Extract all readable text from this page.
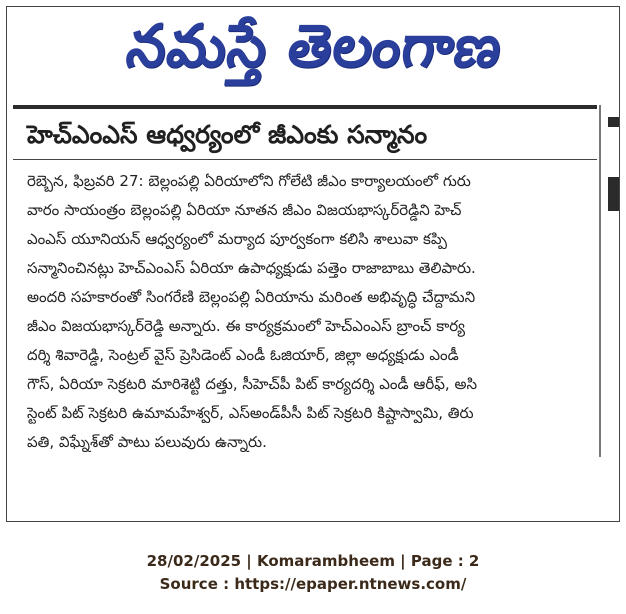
నమస్తే తెలంగాణ
హెచ్ఎంఎస్ ఆధ్వర్యంలో జీఎంకు సన్మానం
రెబ్బెన, ఫిబ్రవరి 27: బెల్లంపల్లి ఏరియాలోని గోలేటి జీఎం కార్యాలయంలో గురు
వారం సాయంత్రం బెల్లంపల్లి ఏరియా నూతన జీఎం విజయభాస్కర్‌రెడ్డిని హెచ్
ఎంఎస్ యూనియన్ ఆధ్వర్యంలో మర్యాద పూర్వకంగా కలిసి శాలువా కప్పి
సన్మానించినట్లు హెచ్ఎంఎస్ ఏరియా ఉపాధ్యక్షుడు పత్తెం రాజాబాబు తెలిపారు.
అందరి సహకారంతో సింగరేణి బెల్లంపల్లి ఏరియాను మరింత అభివృద్ధి చేద్దామని
జీఎం విజయభాస్కర్‌రెడ్డి అన్నారు. ఈ కార్యక్రమంలో హెచ్ఎంఎస్ బ్రాంచ్ కార్య
దర్శి శివారెడ్డి, సెంట్రల్ వైస్ ప్రెసిడెంట్ ఎండీ ఓజియార్, జిల్లా అధ్యక్షుడు ఎండీ
గౌస్, ఏరియా సెక్రటరి మారిశెట్టి దత్తు, సీహెచ్‌పీ పిట్ కార్యదర్శి ఎండీ ఆరీఫ్, అసి
స్టెంట్ పిట్ సెక్రటరి ఉమామహేశ్వర్, ఎస్అండ్‌పీసీ పిట్ సెక్రటరి కిష్టాస్వామి, తిరు
పతి, విఘ్నేశ్‌తో పాటు పలువురు ఉన్నారు.
28/02/2025 | Komarambheem | Page : 2
Source : https://epaper.ntnews.com/
